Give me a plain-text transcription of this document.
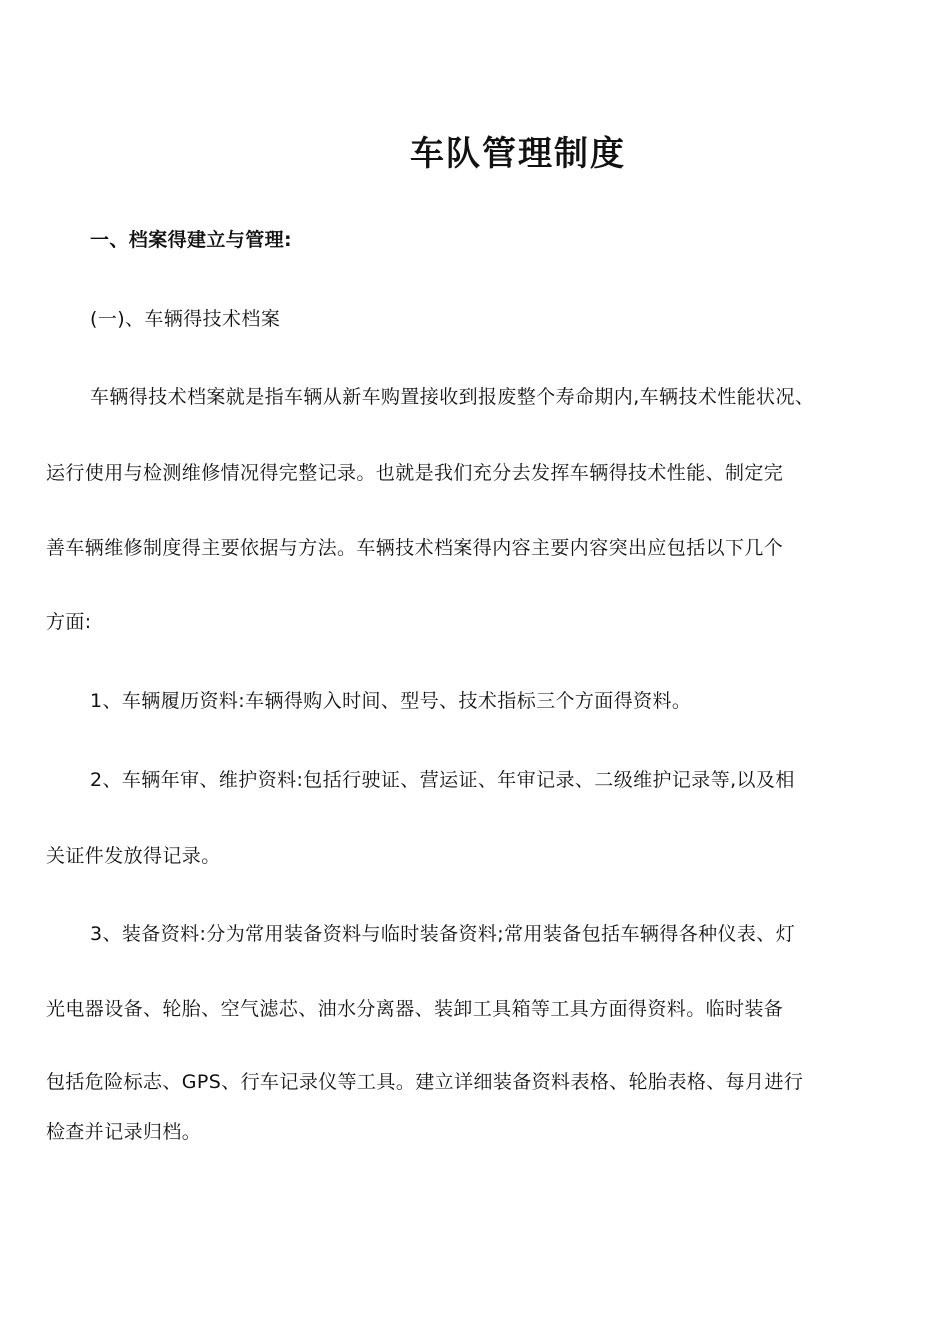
车队管理制度
一、档案得建立与管理:
(一)、车辆得技术档案
车辆得技术档案就是指车辆从新车购置接收到报废整个寿命期内,车辆技术性能状况、
运行使用与检测维修情况得完整记录。也就是我们充分去发挥车辆得技术性能、制定完
善车辆维修制度得主要依据与方法。车辆技术档案得内容主要内容突出应包括以下几个
方面:
1、车辆履历资料:车辆得购入时间、型号、技术指标三个方面得资料。
2、车辆年审、维护资料:包括行驶证、营运证、年审记录、二级维护记录等,以及相
关证件发放得记录。
3、装备资料:分为常用装备资料与临时装备资料;常用装备包括车辆得各种仪表、灯
光电器设备、轮胎、空气滤芯、油水分离器、装卸工具箱等工具方面得资料。临时装备
包括危险标志、GPS、行车记录仪等工具。建立详细装备资料表格、轮胎表格、每月进行
检查并记录归档。
